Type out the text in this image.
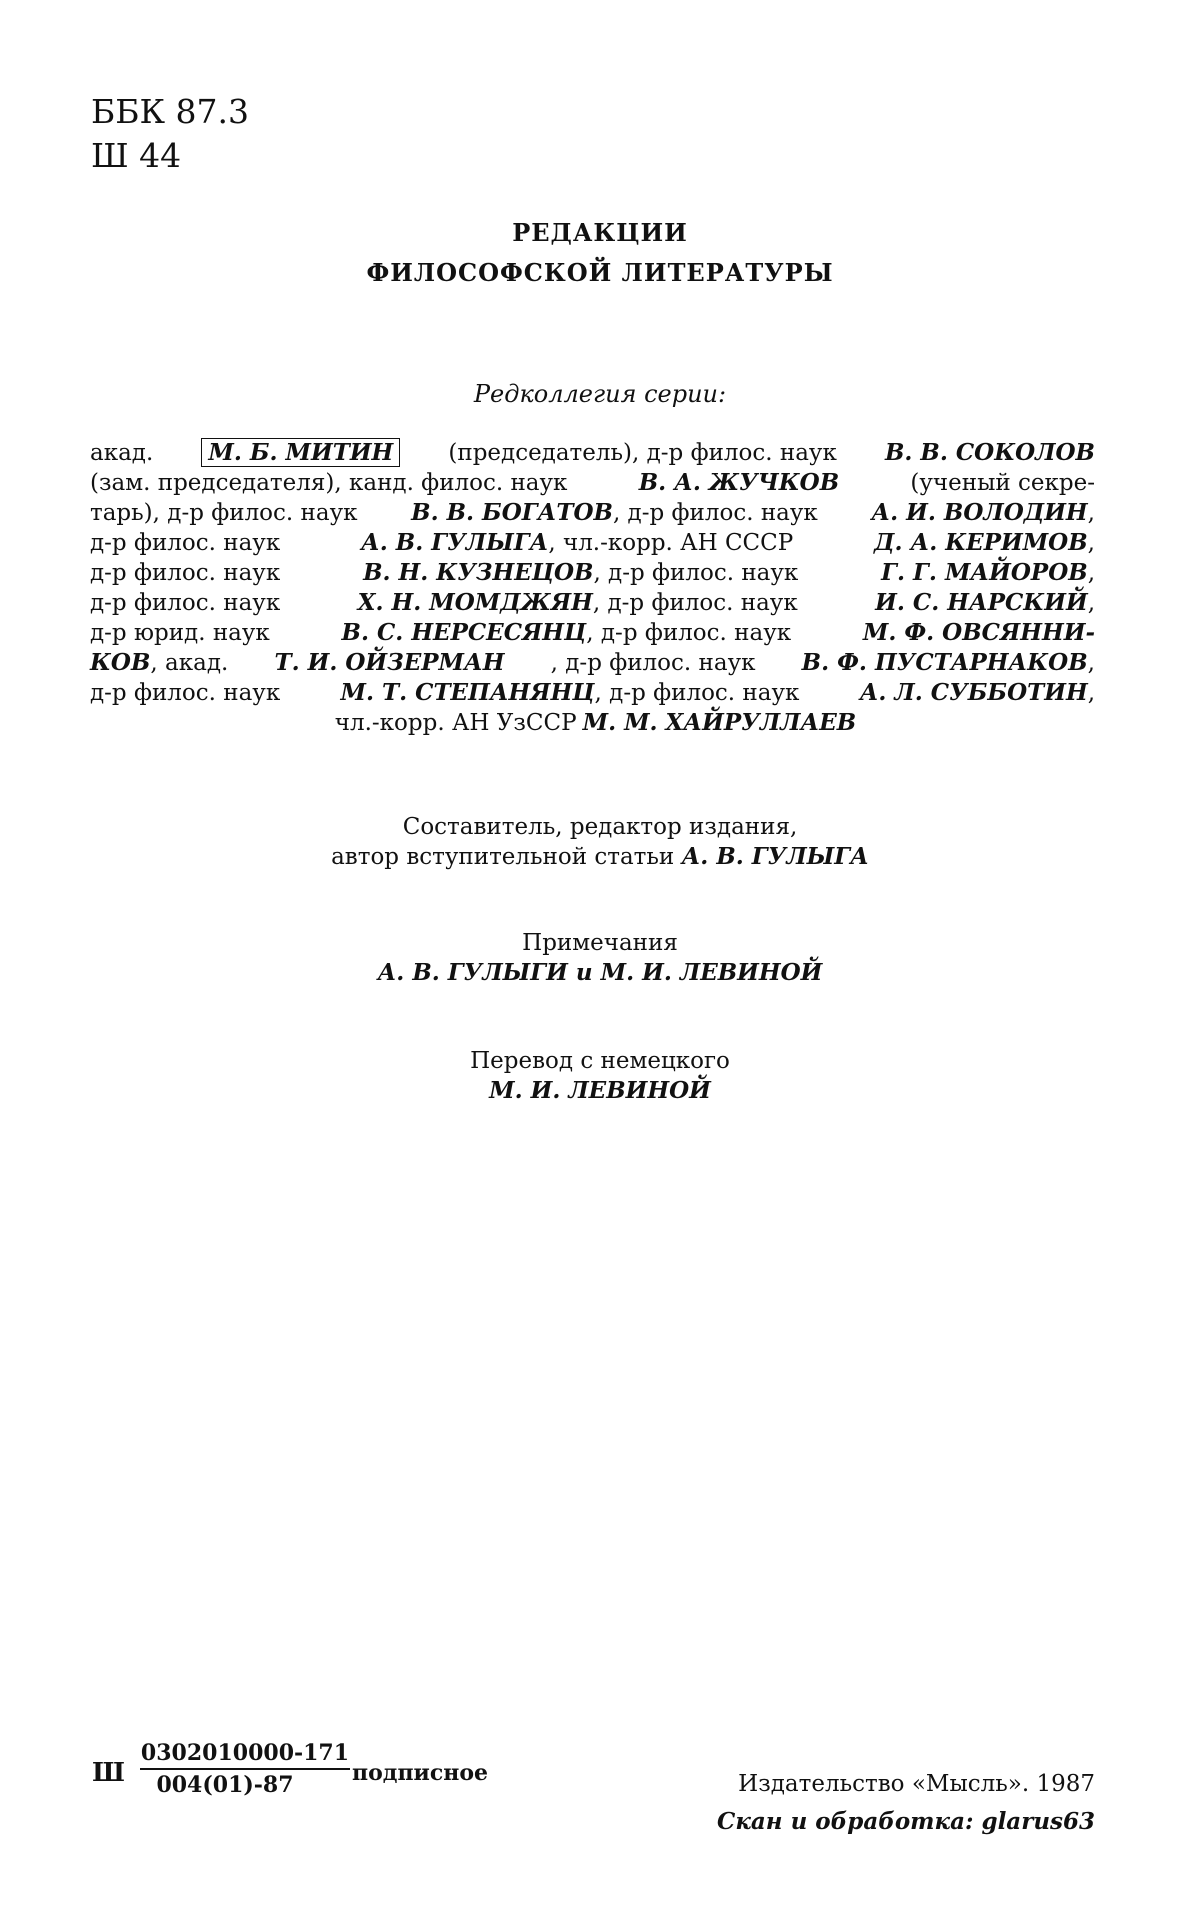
ББК 87.3
Ш 44
РЕДАКЦИИ
ФИЛОСОФСКОЙ ЛИТЕРАТУРЫ
Редколлегия серии:
акад.	М. Б. МИТИН	(председатель), д-р филос. наук В. В. СОКОЛОВ
(зам. председателя), канд. филос. наук	В. А. ЖУЧКОВ	(ученый секре-
тарь), д-р филос. наук В. В. БОГАТОВ, д-р филос. наук А. И. ВОЛОДИН,
д-р филос. наук	А. В. ГУЛЫГА, чл.-корр. АН СССР	Д. А. КЕРИМОВ,
д-р филос. наук	В. Н. КУЗНЕЦОВ, д-р филос. наук	Г. Г. МАЙОРОВ,
д-р филос. наук	Х. Н. МОМДЖЯН, д-р филос. наук	И. С. НАРСКИЙ,
д-р юрид. наук	В. С. НЕРСЕСЯНЦ, д-р филос. наук	М. Ф. ОВСЯННИ-
КОВ, акад. Т. И. ОЙЗЕРМАН , д-р филос. наук В. Ф. ПУСТАРНАКОВ,
д-р филос. наук	М. Т. СТЕПАНЯНЦ, д-р филос. наук	А. Л. СУББОТИН,
чл.-корр. АН УзССР М. М. ХАЙРУЛЛАЕВ
Составитель, редактор издания,
автор вступительной статьи А. В. ГУЛЫГА
Примечания
А. В. ГУЛЫГИ и М. И. ЛЕВИНОЙ
Перевод с немецкого
М. И. ЛЕВИНОЙ
Ш $\frac{0302010000-171}{004(01)-87}$ подписное	Издательство «Мысль». 1987
Скан и обработка: glarus63
